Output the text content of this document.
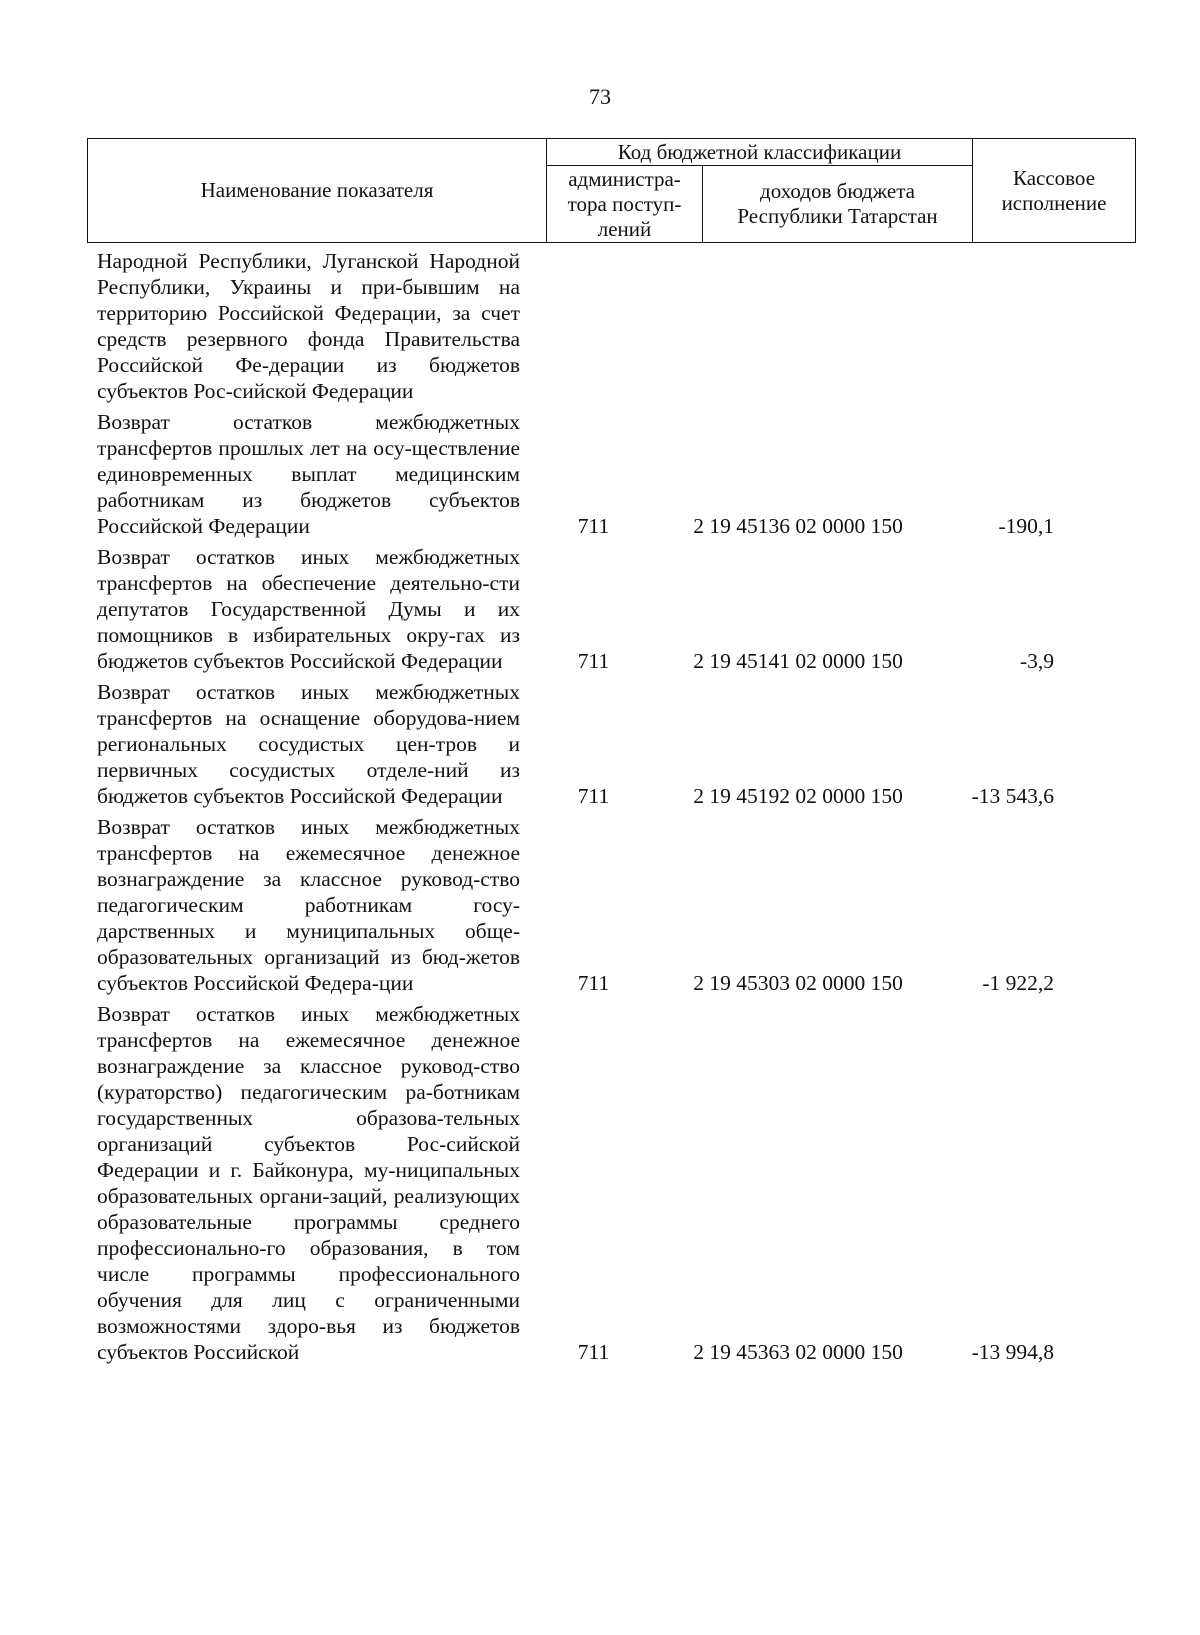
73
Наименование показателя	Код бюджетной классификации		Кассовое исполнение
	администра-тора поступ-лений	доходов бюджета Республики Татарстан	
Народной Республики, Луганской Народной Республики, Украины и при-бывшим на территорию Российской Федерации, за счет средств резервного фонда Правительства Российской Фе-дерации из бюджетов субъектов Рос-сийской Федерации
Возврат остатков межбюджетных трансфертов прошлых лет на осу-ществление единовременных выплат медицинским работникам из бюджетов субъектов Российской Федерации	711	2 19 45136 02 0000 150	-190,1
Возврат остатков иных межбюджетных трансфертов на обеспечение деятельно-сти депутатов Государственной Думы и их помощников в избирательных окру-гах из бюджетов субъектов Российской Федерации	711	2 19 45141 02 0000 150	-3,9
Возврат остатков иных межбюджетных трансфертов на оснащение оборудова-нием региональных сосудистых цен-тров и первичных сосудистых отделе-ний из бюджетов субъектов Российской Федерации	711	2 19 45192 02 0000 150	-13 543,6
Возврат остатков иных межбюджетных трансфертов на ежемесячное денежное вознаграждение за классное руковод-ство педагогическим работникам госу-дарственных и муниципальных обще-образовательных организаций из бюд-жетов субъектов Российской Федера-ции	711	2 19 45303 02 0000 150	-1 922,2
Возврат остатков иных межбюджетных трансфертов на ежемесячное денежное вознаграждение за классное руковод-ство (кураторство) педагогическим ра-ботникам государственных образова-тельных организаций субъектов Рос-сийской Федерации и г. Байконура, му-ниципальных образовательных органи-заций, реализующих образовательные программы среднего профессионально-го образования, в том числе программы профессионального обучения для лиц с ограниченными возможностями здоро-вья из бюджетов субъектов Российской	711	2 19 45363 02 0000 150	-13 994,8
